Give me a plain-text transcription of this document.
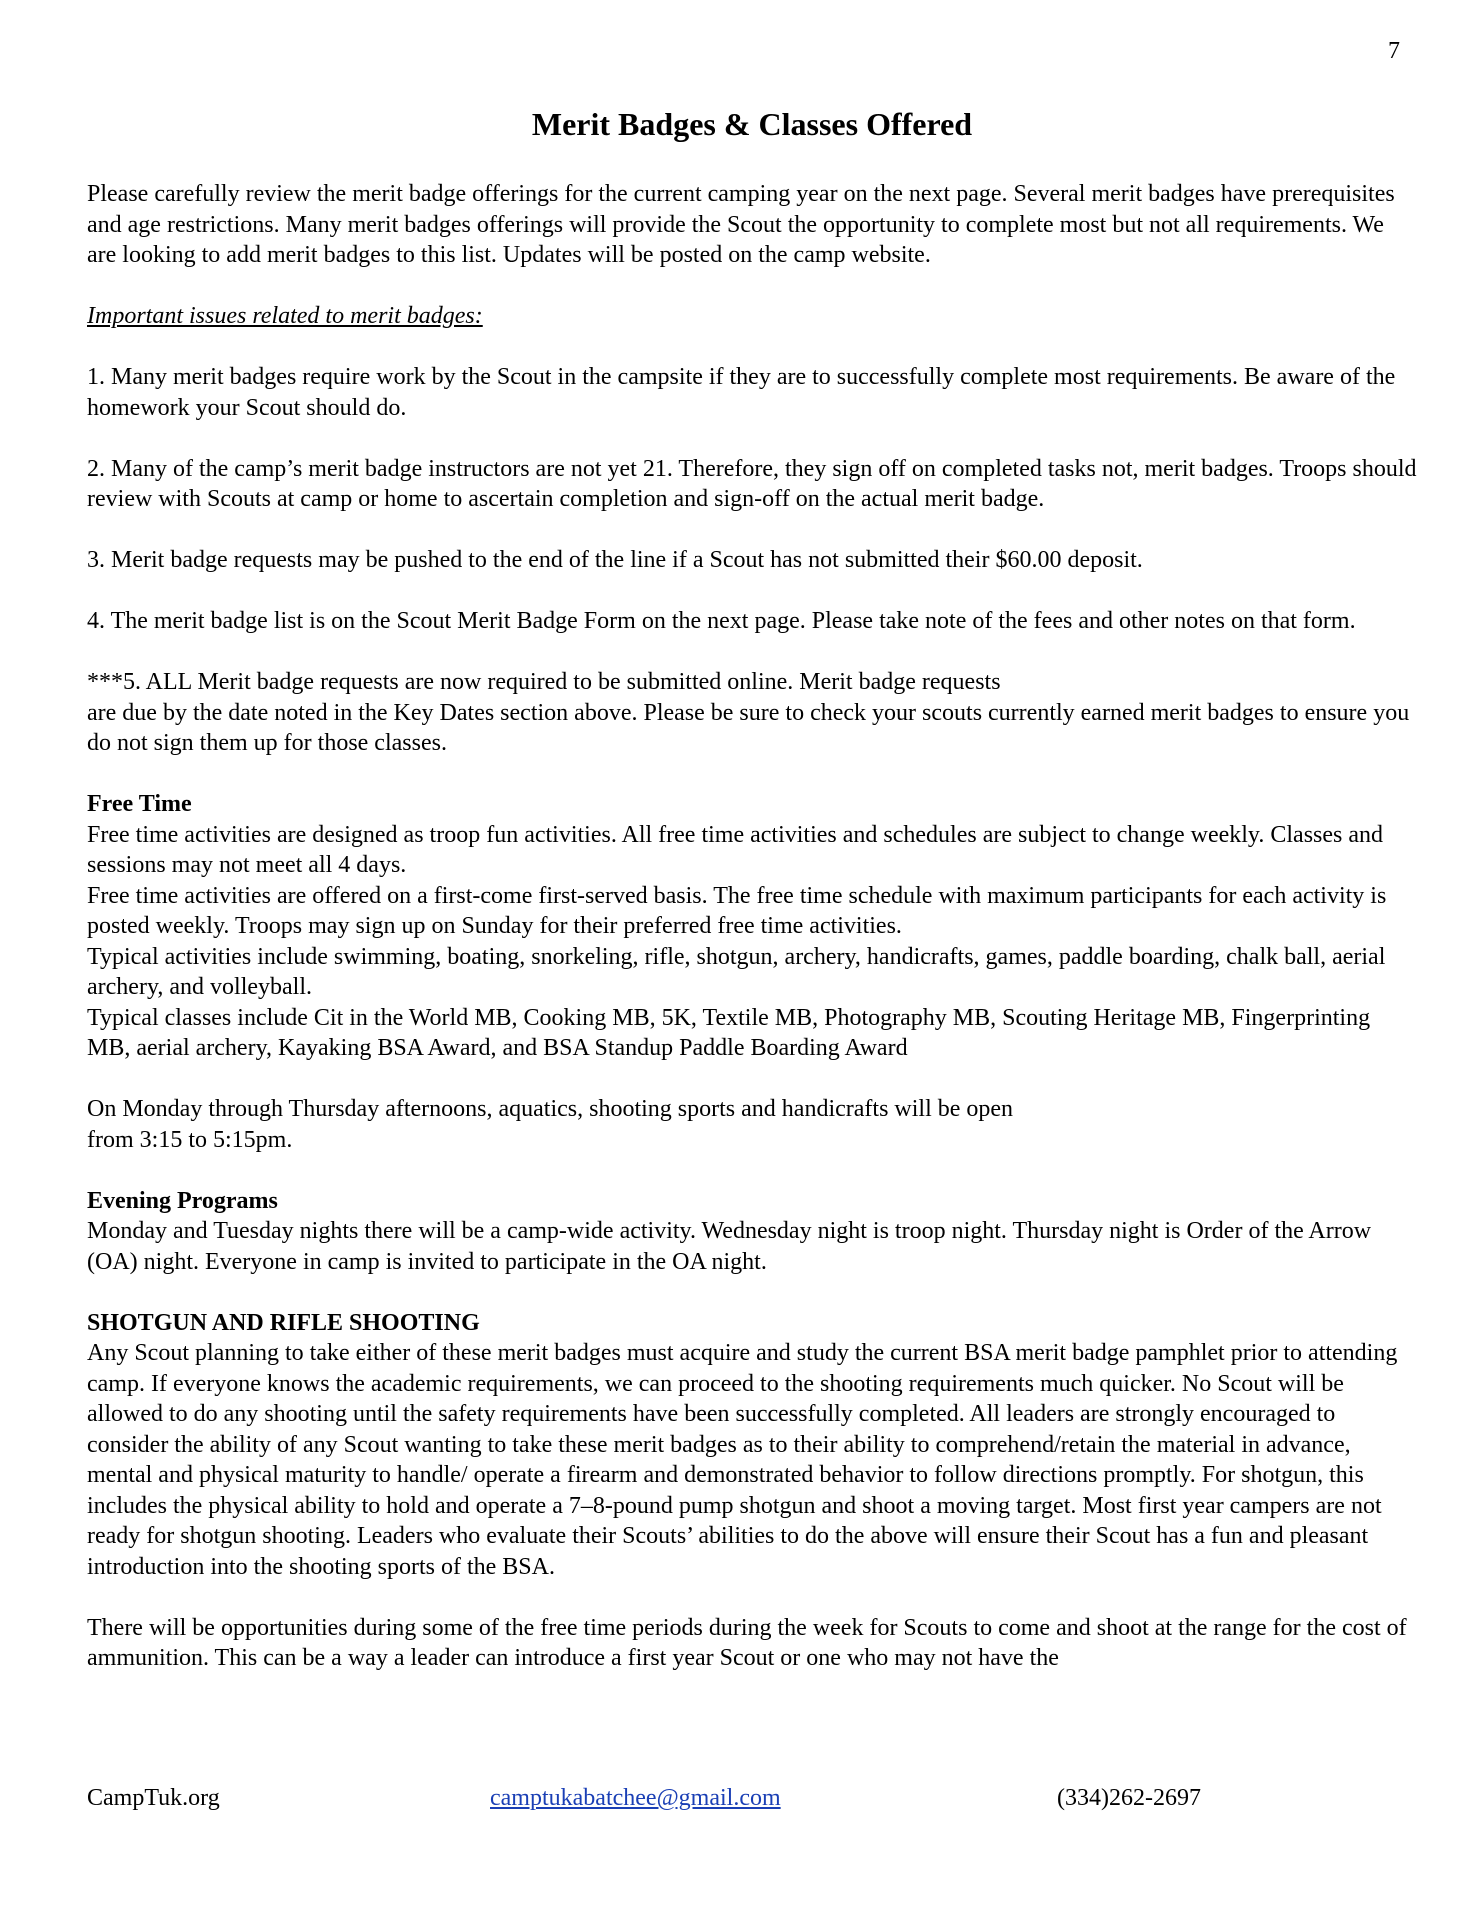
7
Merit Badges & Classes Offered

Please carefully review the merit badge offerings for the current camping year on the next page. Several merit badges have prerequisites and age restrictions. Many merit badges offerings will provide the Scout the opportunity to complete most but not all requirements. We are looking to add merit badges to this list. Updates will be posted on the camp website.

Important issues related to merit badges:

1. Many merit badges require work by the Scout in the campsite if they are to successfully complete most requirements. Be aware of the homework your Scout should do.

2. Many of the camp’s merit badge instructors are not yet 21. Therefore, they sign off on completed tasks not, merit badges. Troops should review with Scouts at camp or home to ascertain completion and sign-off on the actual merit badge.

3. Merit badge requests may be pushed to the end of the line if a Scout has not submitted their $60.00 deposit.

4. The merit badge list is on the Scout Merit Badge Form on the next page. Please take note of the fees and other notes on that form.

***5. ALL Merit badge requests are now required to be submitted online. Merit badge requests
are due by the date noted in the Key Dates section above. Please be sure to check your scouts currently earned merit badges to ensure you do not sign them up for those classes.

Free Time

Free time activities are designed as troop fun activities. All free time activities and schedules are subject to change weekly. Classes and sessions may not meet all 4 days.

Free time activities are offered on a first-come first-served basis. The free time schedule with maximum participants for each activity is posted weekly. Troops may sign up on Sunday for their preferred free time activities.

Typical activities include swimming, boating, snorkeling, rifle, shotgun, archery, handicrafts, games, paddle boarding, chalk ball, aerial archery, and volleyball.

Typical classes include Cit in the World MB, Cooking MB, 5K, Textile MB, Photography MB, Scouting Heritage MB, Fingerprinting MB, aerial archery, Kayaking BSA Award, and BSA Standup Paddle Boarding Award

On Monday through Thursday afternoons, aquatics, shooting sports and handicrafts will be open
from 3:15 to 5:15pm.

Evening Programs
Monday and Tuesday nights there will be a camp-wide activity. Wednesday night is troop night. Thursday night is Order of the Arrow (OA) night. Everyone in camp is invited to participate in the OA night.

SHOTGUN AND RIFLE SHOOTING
Any Scout planning to take either of these merit badges must acquire and study the current BSA merit badge pamphlet prior to attending camp. If everyone knows the academic requirements, we can proceed to the shooting requirements much quicker. No Scout will be allowed to do any shooting until the safety requirements have been successfully completed. All leaders are strongly encouraged to consider the ability of any Scout wanting to take these merit badges as to their ability to comprehend/retain the material in advance, mental and physical maturity to handle/ operate a firearm and demonstrated behavior to follow directions promptly. For shotgun, this includes the physical ability to hold and operate a 7–8-pound pump shotgun and shoot a moving target. Most first year campers are not ready for shotgun shooting. Leaders who evaluate their Scouts’ abilities to do the above will ensure their Scout has a fun and pleasant introduction into the shooting sports of the BSA.

There will be opportunities during some of the free time periods during the week for Scouts to come and shoot at the range for the cost of ammunition. This can be a way a leader can introduce a first year Scout or one who may not have the

CampTuk.org	camptukabatchee@gmail.com	(334)262-2697
